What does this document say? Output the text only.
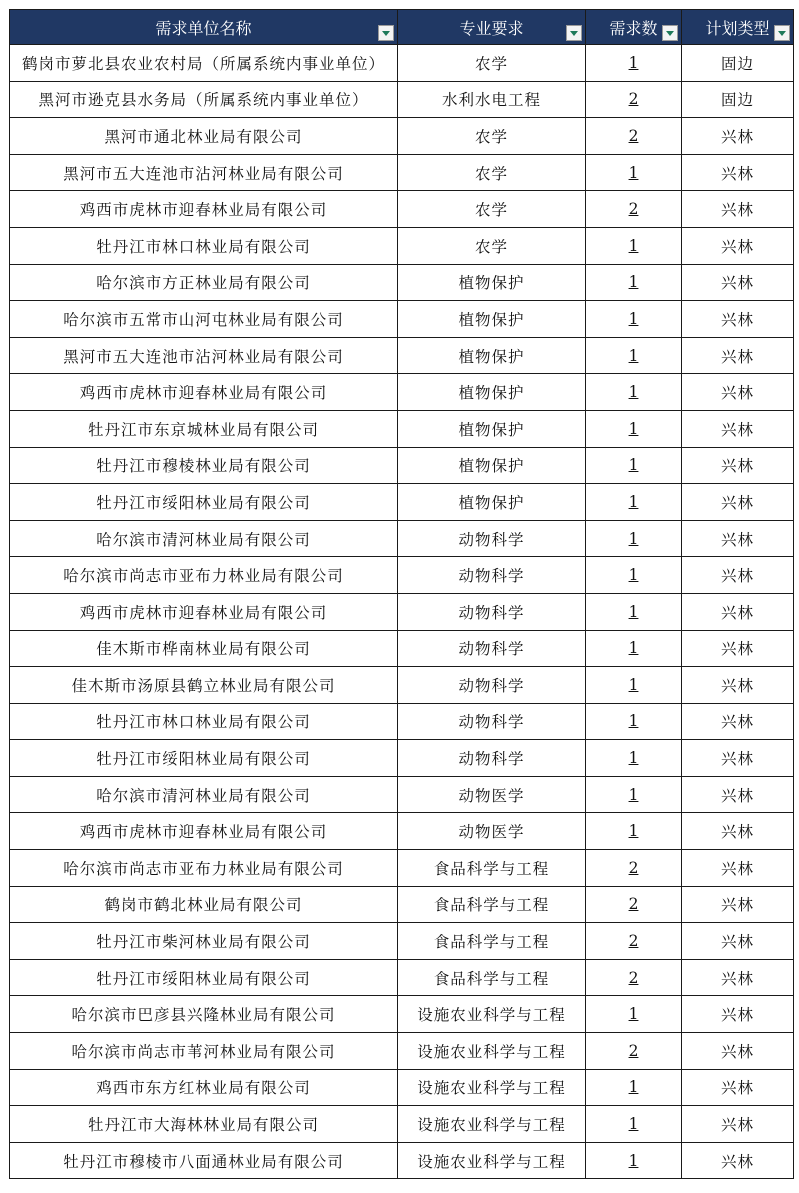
需求单位名称	专业要求	需求数	计划类型

鹤岗市萝北县农业农村局（所属系统内事业单位）	农学	1	固边
黑河市逊克县水务局（所属系统内事业单位）	水利水电工程	2	固边
黑河市通北林业局有限公司	农学	2	兴林
黑河市五大连池市沾河林业局有限公司	农学	1	兴林
鸡西市虎林市迎春林业局有限公司	农学	2	兴林
牡丹江市林口林业局有限公司	农学	1	兴林
哈尔滨市方正林业局有限公司	植物保护	1	兴林
哈尔滨市五常市山河屯林业局有限公司	植物保护	1	兴林
黑河市五大连池市沾河林业局有限公司	植物保护	1	兴林
鸡西市虎林市迎春林业局有限公司	植物保护	1	兴林
牡丹江市东京城林业局有限公司	植物保护	1	兴林
牡丹江市穆棱林业局有限公司	植物保护	1	兴林
牡丹江市绥阳林业局有限公司	植物保护	1	兴林
哈尔滨市清河林业局有限公司	动物科学	1	兴林
哈尔滨市尚志市亚布力林业局有限公司	动物科学	1	兴林
鸡西市虎林市迎春林业局有限公司	动物科学	1	兴林
佳木斯市桦南林业局有限公司	动物科学	1	兴林
佳木斯市汤原县鹤立林业局有限公司	动物科学	1	兴林
牡丹江市林口林业局有限公司	动物科学	1	兴林
牡丹江市绥阳林业局有限公司	动物科学	1	兴林
哈尔滨市清河林业局有限公司	动物医学	1	兴林
鸡西市虎林市迎春林业局有限公司	动物医学	1	兴林
哈尔滨市尚志市亚布力林业局有限公司	食品科学与工程	2	兴林
鹤岗市鹤北林业局有限公司	食品科学与工程	2	兴林
牡丹江市柴河林业局有限公司	食品科学与工程	2	兴林
牡丹江市绥阳林业局有限公司	食品科学与工程	2	兴林
哈尔滨市巴彦县兴隆林业局有限公司	设施农业科学与工程	1	兴林
哈尔滨市尚志市苇河林业局有限公司	设施农业科学与工程	2	兴林
鸡西市东方红林业局有限公司	设施农业科学与工程	1	兴林
牡丹江市大海林林业局有限公司	设施农业科学与工程	1	兴林
牡丹江市穆棱市八面通林业局有限公司	设施农业科学与工程	1	兴林
